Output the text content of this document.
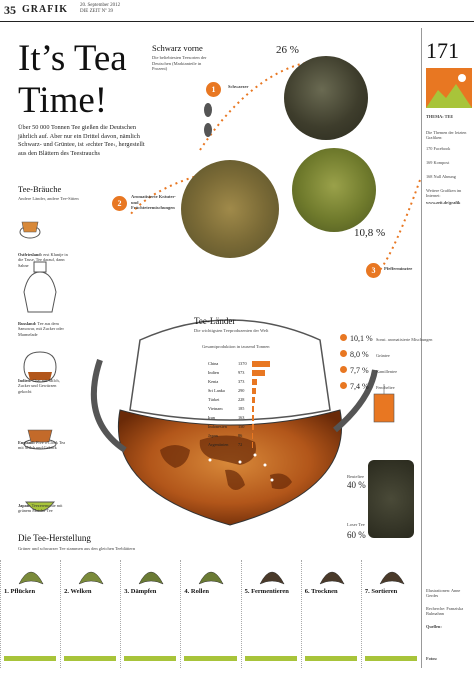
35 GRAFIK 20. September 2012
DIE ZEIT Nº 39
It’s Tea
Time!
Über 50 000 Tonnen Tee gießen die Deutschen jährlich auf. Aber nur ein Drittel davon, nämlich Schwarz- und Grüntee, ist ›echter Tee‹, hergestellt aus den Blättern des Teestrauchs
Schwarz vorne
Die beliebtesten Teesorten der Deutschen (Marktanteile in Prozent)
26 %
1	Schwarzer
2
Aromatisierte Kräuter- und Früchteteemischungen
10,8 %
3	Pfefferminztee
171
THEMA: TEE
Die Themen der letzten Grafiken:
170 Facebook
169 Kompost
168 Null Ahnung
Weitere Grafiken im Internet:
www.zeit.de/grafik
Illustrationen: Anne Gerdes
Recherche: Franziska Bulmahnn
Quellen:
Fotos:
Tee-Bräuche
Andere Länder, andere Tee-Sitten
Ostfriesland: erst Kluntje in die Tasse, Tee darauf, dann Sahne
Russland: Tee aus dem Samowar, mit Zucker oder Marmelade
Indien: Chai mit Milch, Zucker und Gewürzen gekocht
England: Five o'Clock Tea mit Milch und Gebäck
Japan: Teezeremonie mit grünem Matcha-Tee
Tee-Länder
Die wichtigsten Teeproduzenten der Welt
Gesamtproduktion in tausend Tonnen
China	1370
Indien	973
Kenia	373
Sri Lanka	290
Türkei	228
Vietnam	185
Iran	163
Indonesien	150
Japan	86
Argentinien 72
10,1 % Sonst. aromatisierte Mischungen
8,0 % Grüntee
7,7 % Kamillentee
7,4 % Fencheltee
Beuteltee
40 %
Loser Tee
60 %
Die Tee-Herstellung
Grüner und schwarzer Tee stammen aus den gleichen Teeblättern
1. Pflücken	2. Welken	3. Dämpfen	4. Rollen	5. Fermentieren 6. Trocknen	7. Sortieren
